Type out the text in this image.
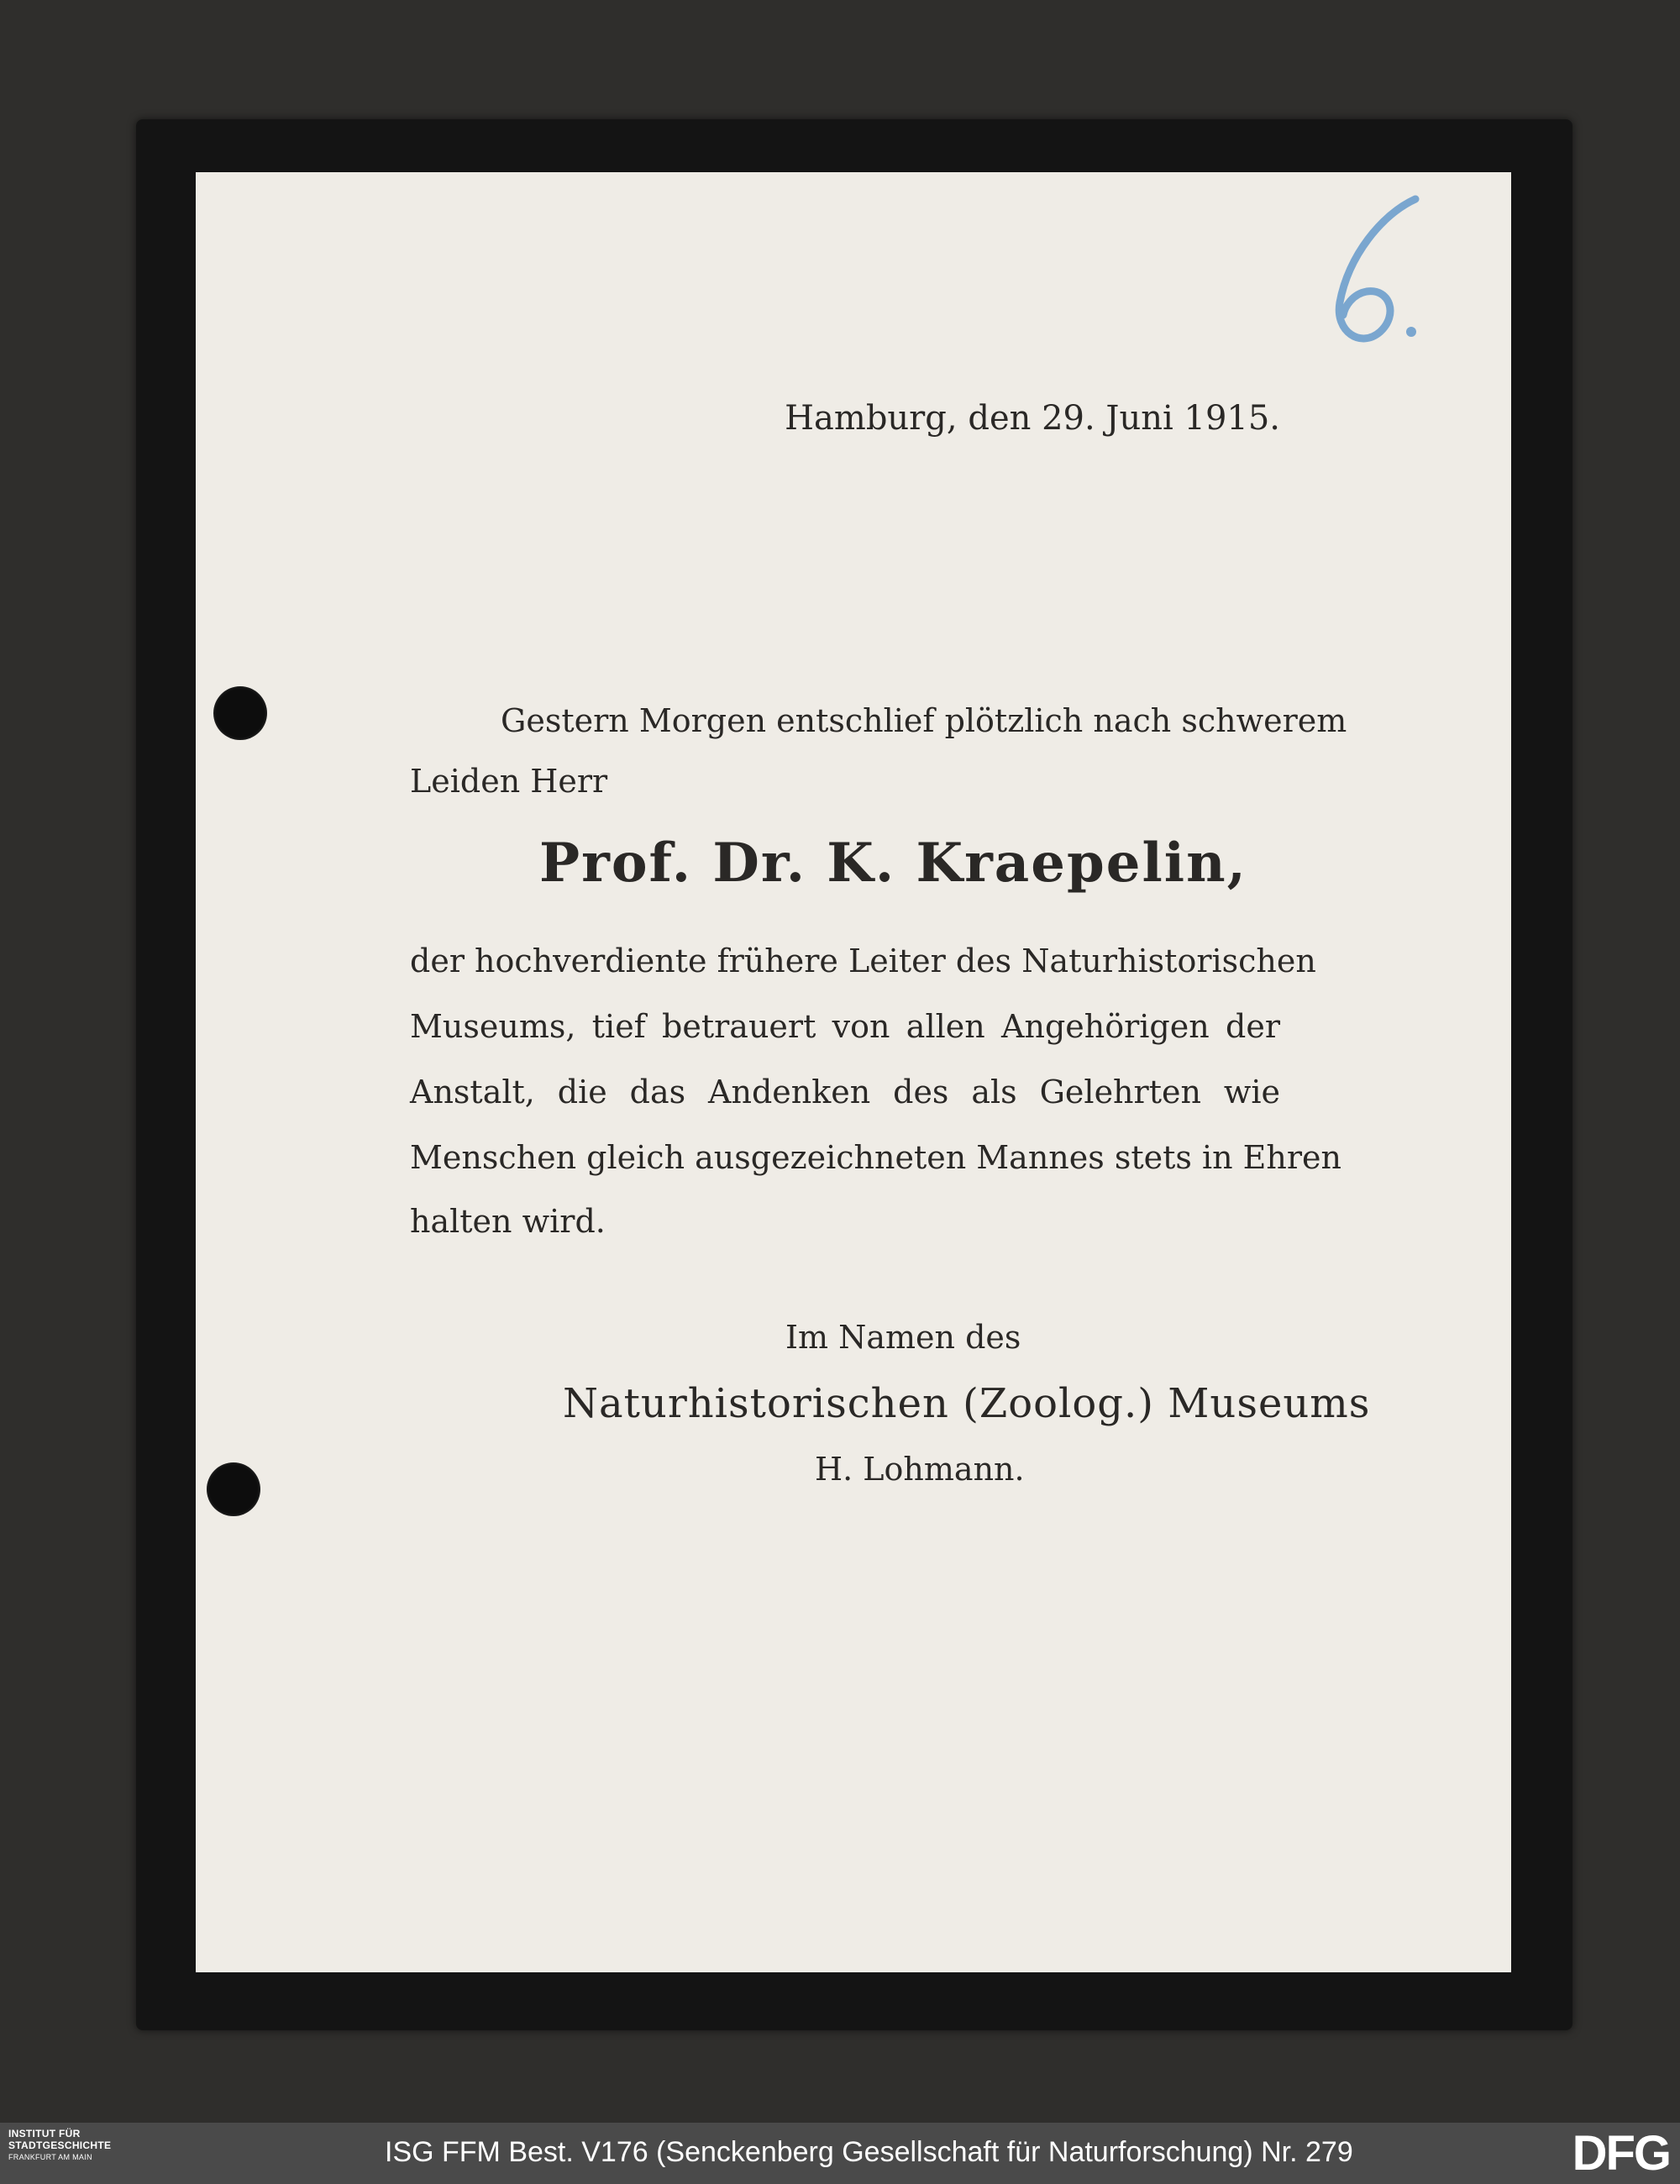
Hamburg, den 29. Juni 1915.
Gestern Morgen entschlief plötzlich nach schwerem
Leiden Herr
Prof. Dr. K. Kraepelin,
der hochverdiente frühere Leiter des Naturhistorischen
Museums, tief betrauert von allen Angehörigen der
Anstalt, die das Andenken des als Gelehrten wie
Menschen gleich ausgezeichneten Mannes stets in Ehren
halten wird.
Im Namen des
Naturhistorischen (Zoolog.) Museums
H. Lohmann.
INSTITUT FÜR
STADTGESCHICHTE
FRANKFURT AM MAIN	ISG FFM Best. V176 (Senckenberg Gesellschaft für Naturforschung) Nr. 279	DFG
